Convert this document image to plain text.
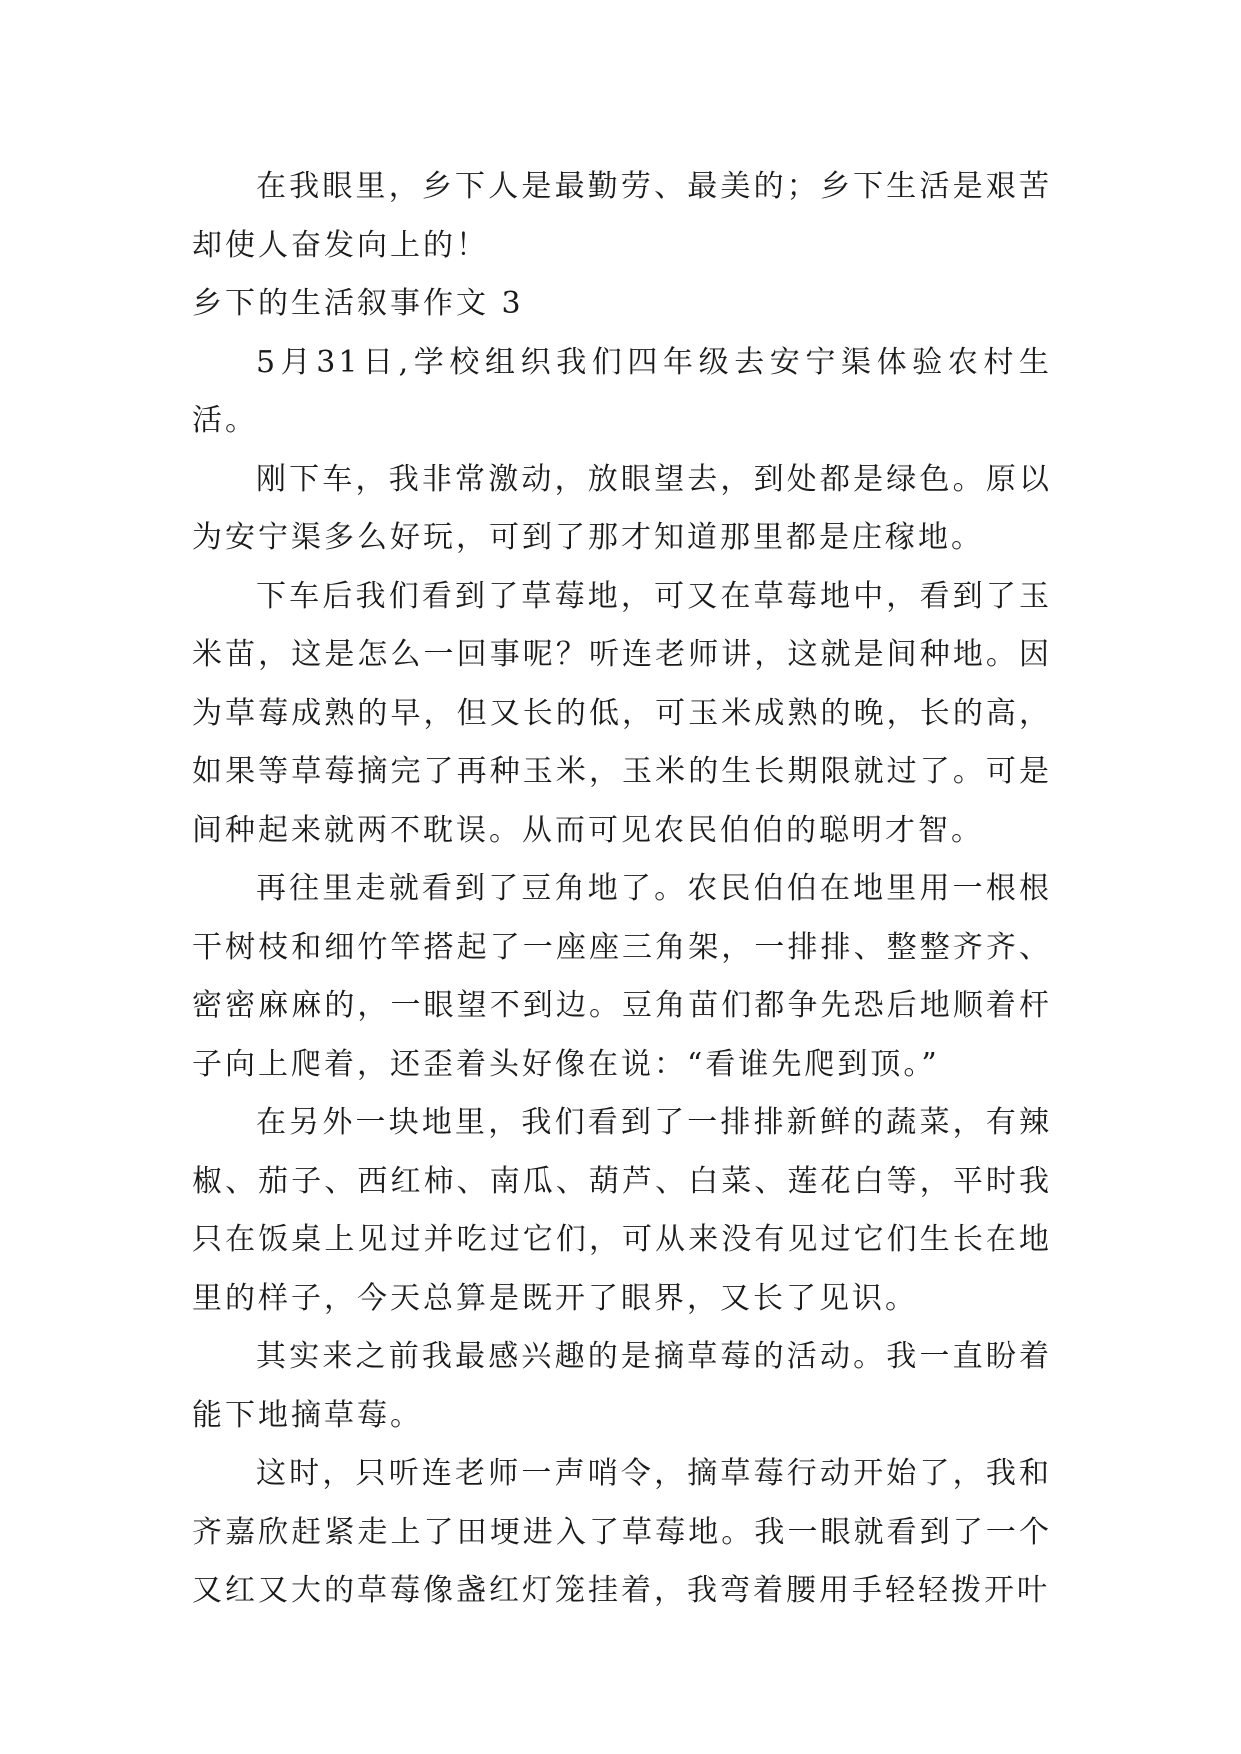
在我眼里，乡下人是最勤劳、最美的；乡下生活是艰苦却使人奋发向上的！

乡下的生活叙事作文 3

5月31日,学校组织我们四年级去安宁渠体验农村生活。

刚下车，我非常激动，放眼望去，到处都是绿色。原以为安宁渠多么好玩，可到了那才知道那里都是庄稼地。

下车后我们看到了草莓地，可又在草莓地中，看到了玉米苗，这是怎么一回事呢？听连老师讲，这就是间种地。因为草莓成熟的早，但又长的低，可玉米成熟的晚，长的高，如果等草莓摘完了再种玉米，玉米的生长期限就过了。可是间种起来就两不耽误。从而可见农民伯伯的聪明才智。

再往里走就看到了豆角地了。农民伯伯在地里用一根根干树枝和细竹竿搭起了一座座三角架，一排排、整整齐齐、密密麻麻的，一眼望不到边。豆角苗们都争先恐后地顺着杆子向上爬着，还歪着头好像在说：“看谁先爬到顶。”

在另外一块地里，我们看到了一排排新鲜的蔬菜，有辣椒、茄子、西红柿、南瓜、葫芦、白菜、莲花白等，平时我只在饭桌上见过并吃过它们，可从来没有见过它们生长在地里的样子，今天总算是既开了眼界，又长了见识。

其实来之前我最感兴趣的是摘草莓的活动。我一直盼着能下地摘草莓。

这时，只听连老师一声哨令，摘草莓行动开始了，我和齐嘉欣赶紧走上了田埂进入了草莓地。我一眼就看到了一个又红又大的草莓像盏红灯笼挂着，我弯着腰用手轻轻拨开叶
